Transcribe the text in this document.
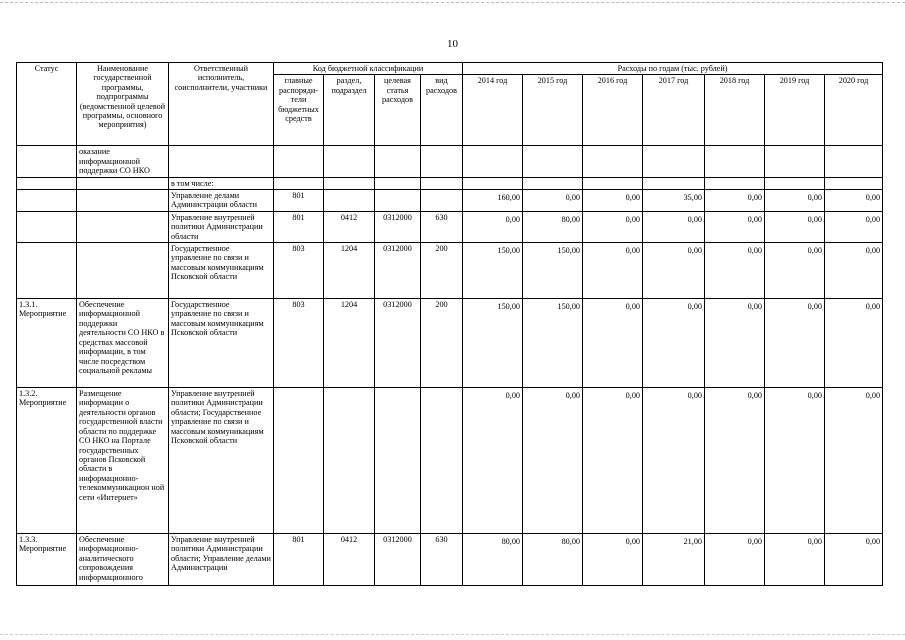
10
Статус	Наименование государственной программы, подпрограммы (ведомственной целевой программы, основного мероприятия)	Ответственный исполнитель, соисполнители, участники	Код бюджетной классификации				Расходы по годам (тыс. рублей)						
			главные распоряди-тели бюджетных средств	раздел, подраздел	целевая статья расходов	вид расходов	2014 год	2015 год	2016 год	2017 год	2018 год	2019 год	2020 год
	оказание информационной поддержки СО НКО												
		в том числе:											
		Управление делами Администрации области	801				160,00	0,00	0,00	35,00	0,00	0,00	0,00
		Управление внутренней политики Администрации области	801	0412	0312000	630	0,00	80,00	0,00	0,00	0,00	0,00	0,00
		Государственное управление по связи и массовым коммуникациям Псковской области	803	1204	0312000	200	150,00	150,00	0,00	0,00	0,00	0,00	0,00
1.3.1. Мероприятие	Обеспечение информационной поддержки деятельности СО НКО в средствах массовой информации, в том числе посредством социальной рекламы	Государственное управление по связи и массовым коммуникациям Псковской области	803	1204	0312000	200	150,00	150,00	0,00	0,00	0,00	0,00	0,00
1.3.2. Мероприятие	Размещение информации о деятельности органов государственной власти области по поддержке СО НКО на Портале государственных органов Псковской области в информационно-телекоммуникацион ной сети «Интернет»	Управление внутренней политики Администрации области; Государственное управление по связи и массовым коммуникациям Псковской области					0,00	0,00	0,00	0,00	0,00	0,00	0,00
1.3.3. Мероприятие	Обеспечение информационно-аналитического сопровождения информационного	Управление внутренней политики Администрации области; Управление делами Администрации	801	0412	0312000	630	80,00	80,00	0,00	21,00	0,00	0,00	0,00
